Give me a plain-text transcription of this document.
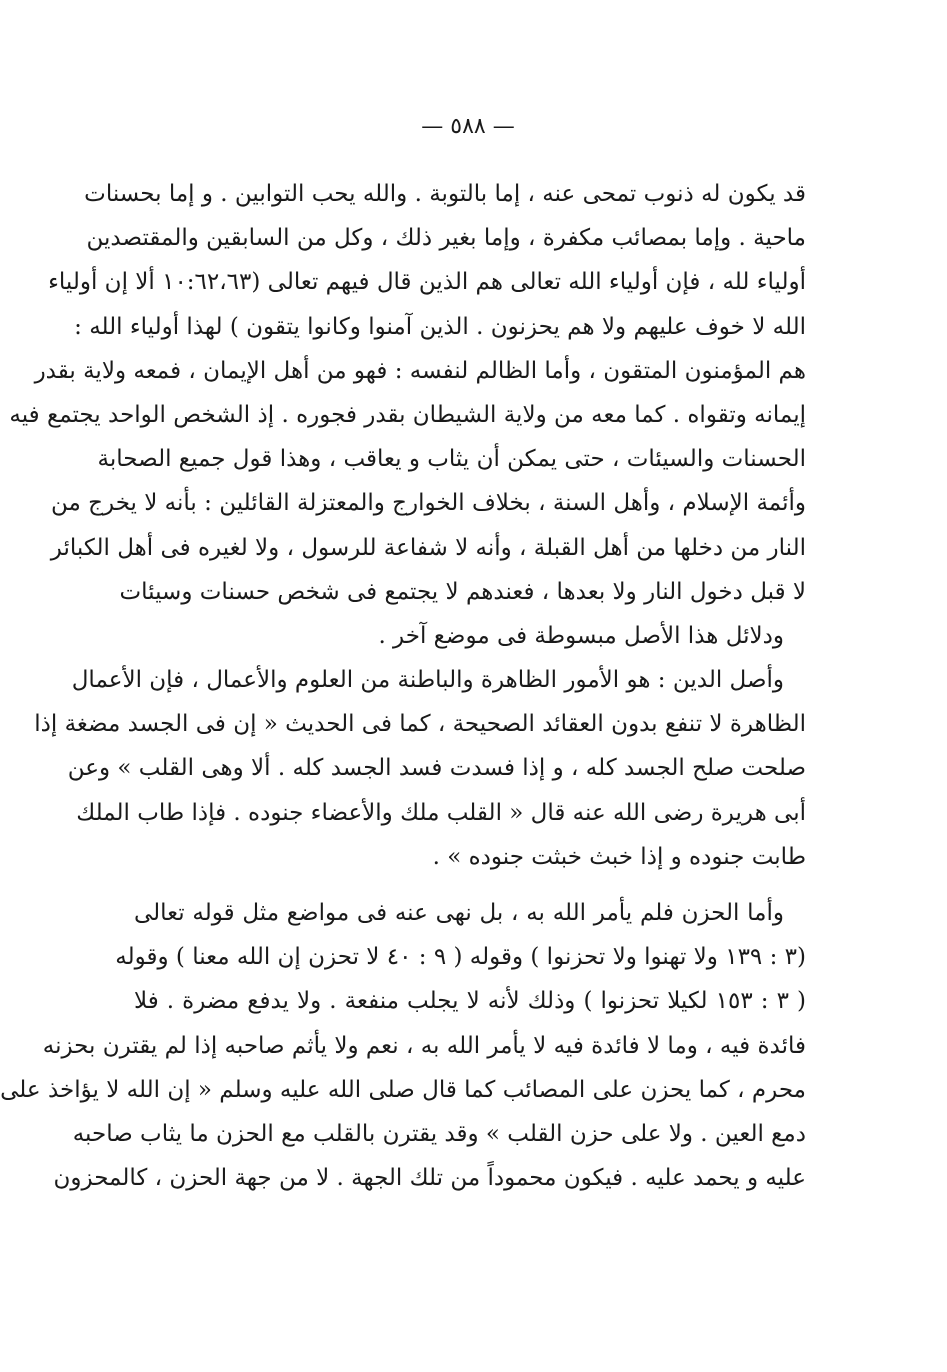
— ٥٨٨ —
قد يكون له ذنوب تمحى عنه ، إما بالتوبة . والله يحب التوابين . و إما بحسنات
ماحية . وإما بمصائب مكفرة ، وإما بغير ذلك ، وكل من السابقين والمقتصدين
أولياء لله ، فإن أولياء الله تعالى هم الذين قال فيهم تعالى (١٠:٦٢،٦٣ ألا إن أولياء
الله لا خوف عليهم ولا هم يحزنون . الذين آمنوا وكانوا يتقون ) لهذا أولياء الله :
هم المؤمنون المتقون ، وأما الظالم لنفسه : فهو من أهل الإيمان ، فمعه ولاية بقدر
إيمانه وتقواه . كما معه من ولاية الشيطان بقدر فجوره . إذ الشخص الواحد يجتمع فيه
الحسنات والسيئات ، حتى يمكن أن يثاب و يعاقب ، وهذا قول جميع الصحابة
وأئمة الإسلام ، وأهل السنة ، بخلاف الخوارج والمعتزلة القائلين : بأنه لا يخرج من
النار من دخلها من أهل القبلة ، وأنه لا شفاعة للرسول ، ولا لغيره فى أهل الكبائر
لا قبل دخول النار ولا بعدها ، فعندهم لا يجتمع فى شخص حسنات وسيئات
ودلائل هذا الأصل مبسوطة فى موضع آخر .
وأصل الدين : هو الأمور الظاهرة والباطنة من العلوم والأعمال ، فإن الأعمال
الظاهرة لا تنفع بدون العقائد الصحيحة ، كما فى الحديث « إن فى الجسد مضغة إذا
صلحت صلح الجسد كله ، و إذا فسدت فسد الجسد كله . ألا وهى القلب » وعن
أبى هريرة رضى الله عنه قال « القلب ملك والأعضاء جنوده . فإذا طاب الملك
طابت جنوده و إذا خبث خبثت جنوده » .
وأما الحزن فلم يأمر الله به ، بل نهى عنه فى مواضع مثل قوله تعالى
(٣ : ١٣٩ ولا تهنوا ولا تحزنوا ) وقوله ( ٩ : ٤٠ لا تحزن إن الله معنا ) وقوله
( ٣ : ١٥٣ لكيلا تحزنوا ) وذلك لأنه لا يجلب منفعة . ولا يدفع مضرة . فلا
فائدة فيه ، وما لا فائدة فيه لا يأمر الله به ، نعم ولا يأثم صاحبه إذا لم يقترن بحزنه
محرم ، كما يحزن على المصائب كما قال صلى الله عليه وسلم « إن الله لا يؤاخذ على
دمع العين . ولا على حزن القلب » وقد يقترن بالقلب مع الحزن ما يثاب صاحبه
عليه و يحمد عليه . فيكون محموداً من تلك الجهة . لا من جهة الحزن ، كالمحزون
